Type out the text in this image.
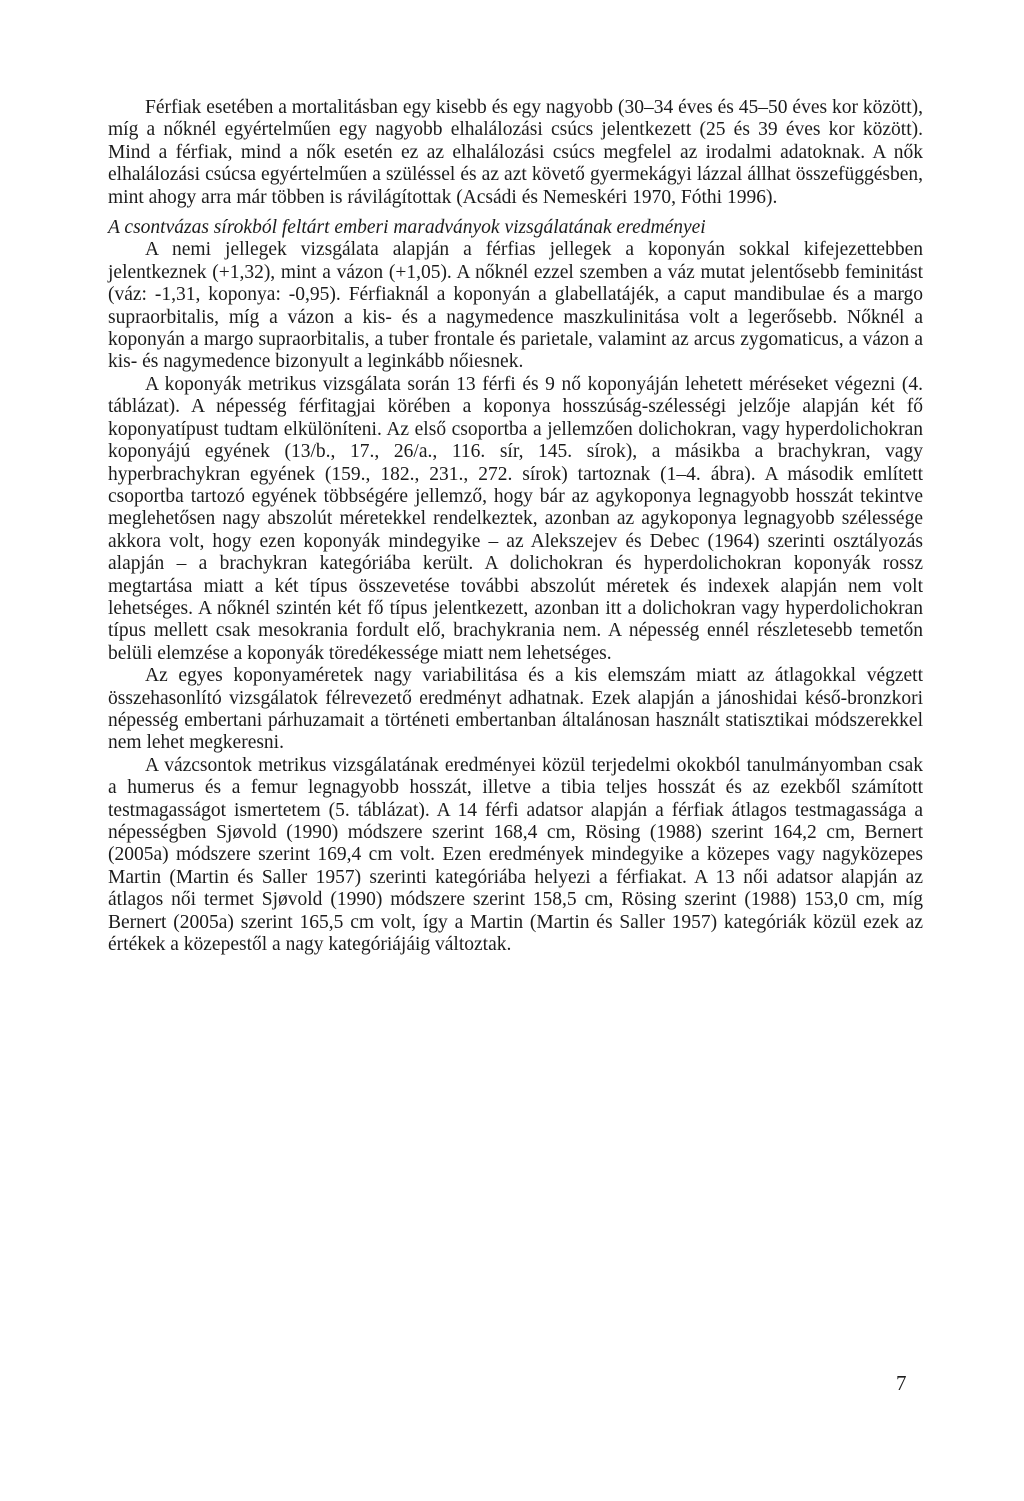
Férfiak esetében a mortalitásban egy kisebb és egy nagyobb (30–34 éves és 45–50 éves kor között), míg a nőknél egyértelműen egy nagyobb elhalálozási csúcs jelentkezett (25 és 39 éves kor között). Mind a férfiak, mind a nők esetén ez az elhalálozási csúcs megfelel az irodalmi adatoknak. A nők elhalálozási csúcsa egyértelműen a szüléssel és az azt követő gyermekágyi lázzal állhat összefüggésben, mint ahogy arra már többen is rávilágítottak (Acsádi és Nemeskéri 1970, Fóthi 1996).

A csontvázas sírokból feltárt emberi maradványok vizsgálatának eredményei

A nemi jellegek vizsgálata alapján a férfias jellegek a koponyán sokkal kifejezettebben jelentkeznek (+1,32), mint a vázon (+1,05). A nőknél ezzel szemben a váz mutat jelentősebb feminitást (váz: -1,31, koponya: -0,95). Férfiaknál a koponyán a glabellatájék, a caput mandibulae és a margo supraorbitalis, míg a vázon a kis- és a nagymedence maszkulinitása volt a legerősebb. Nőknél a koponyán a margo supraorbitalis, a tuber frontale és parietale, valamint az arcus zygomaticus, a vázon a kis- és nagymedence bizonyult a leginkább nőiesnek.

A koponyák metrikus vizsgálata során 13 férfi és 9 nő koponyáján lehetett méréseket végezni (4. táblázat). A népesség férfitagjai körében a koponya hosszúság-szélességi jelzője alapján két fő koponyatípust tudtam elkülöníteni. Az első csoportba a jellemzően dolichokran, vagy hyperdolichokran koponyájú egyének (13/b., 17., 26/a., 116. sír, 145. sírok), a másikba a brachykran, vagy hyperbrachykran egyének (159., 182., 231., 272. sírok) tartoznak (1–4. ábra). A második említett csoportba tartozó egyének többségére jellemző, hogy bár az agykoponya legnagyobb hosszát tekintve meglehetősen nagy abszolút méretekkel rendelkeztek, azonban az agykoponya legnagyobb szélessége akkora volt, hogy ezen koponyák mindegyike – az Alekszejev és Debec (1964) szerinti osztályozás alapján – a brachykran kategóriába került. A dolichokran és hyperdolichokran koponyák rossz megtartása miatt a két típus összevetése további abszolút méretek és indexek alapján nem volt lehetséges. A nőknél szintén két fő típus jelentkezett, azonban itt a dolichokran vagy hyperdolichokran típus mellett csak mesokrania fordult elő, brachykrania nem. A népesség ennél részletesebb temetőn belüli elemzése a koponyák töredékessége miatt nem lehetséges.

Az egyes koponyaméretek nagy variabilitása és a kis elemszám miatt az átlagokkal végzett összehasonlító vizsgálatok félrevezető eredményt adhatnak. Ezek alapján a jánoshidai késő-bronzkori népesség embertani párhuzamait a történeti embertanban általánosan használt statisztikai módszerekkel nem lehet megkeresni.

A vázcsontok metrikus vizsgálatának eredményei közül terjedelmi okokból tanulmányomban csak a humerus és a femur legnagyobb hosszát, illetve a tibia teljes hosszát és az ezekből számított testmagasságot ismertetem (5. táblázat). A 14 férfi adatsor alapján a férfiak átlagos testmagassága a népességben Sjøvold (1990) módszere szerint 168,4 cm, Rösing (1988) szerint 164,2 cm, Bernert (2005a) módszere szerint 169,4 cm volt. Ezen eredmények mindegyike a közepes vagy nagyközepes Martin (Martin és Saller 1957) szerinti kategóriába helyezi a férfiakat. A 13 női adatsor alapján az átlagos női termet Sjøvold (1990) módszere szerint 158,5 cm, Rösing szerint (1988) 153,0 cm, míg Bernert (2005a) szerint 165,5 cm volt, így a Martin (Martin és Saller 1957) kategóriák közül ezek az értékek a közepestől a nagy kategóriájáig változtak.

7
